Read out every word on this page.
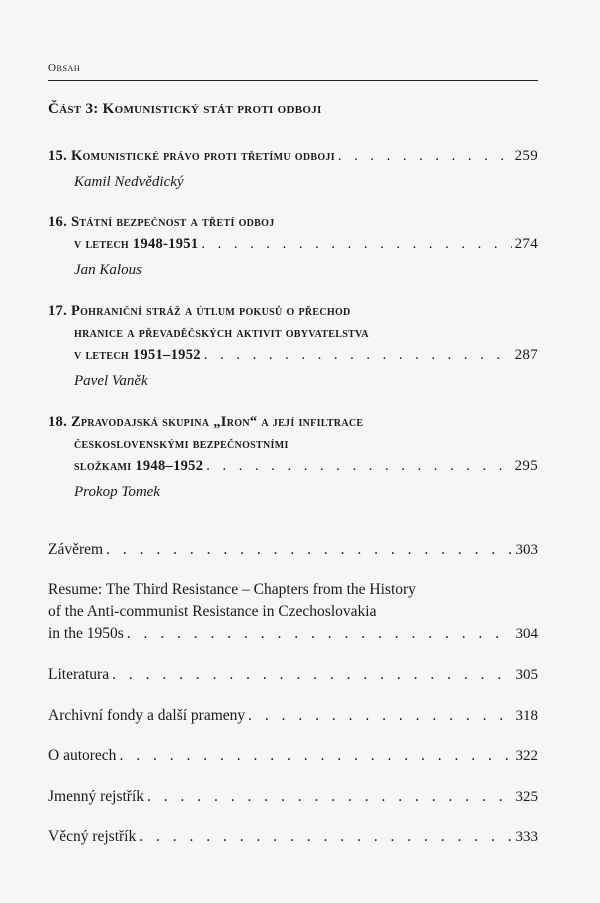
Obsah
Část 3: Komunistický stát proti odboji
15. Komunistické právo proti třetímu odboji . . .	259
Kamil Nedvědický
16. Státní bezpečnost a třetí odboj
v letech 1948-1951 . . .	274
Jan Kalous
17. Pohraniční stráž a útlum pokusů o přechod
hranice a převaděčských aktivit obyvatelstva
v letech 1951–1952 . . .	287
Pavel Vaněk
18. Zpravodajská skupina „Iron“ a její infiltrace
československými bezpečnostními
složkami 1948–1952 . . .	295
Prokop Tomek
Závěrem . . .	303
Resume: The Third Resistance – Chapters from the History
of the Anti-communist Resistance in Czechoslovakia
in the 1950s . . .	304
Literatura . . .	305
Archivní fondy a další prameny . . .	318
O autorech . . .	322
Jmenný rejstřík . . .	325
Věcný rejstřík . . .	333
